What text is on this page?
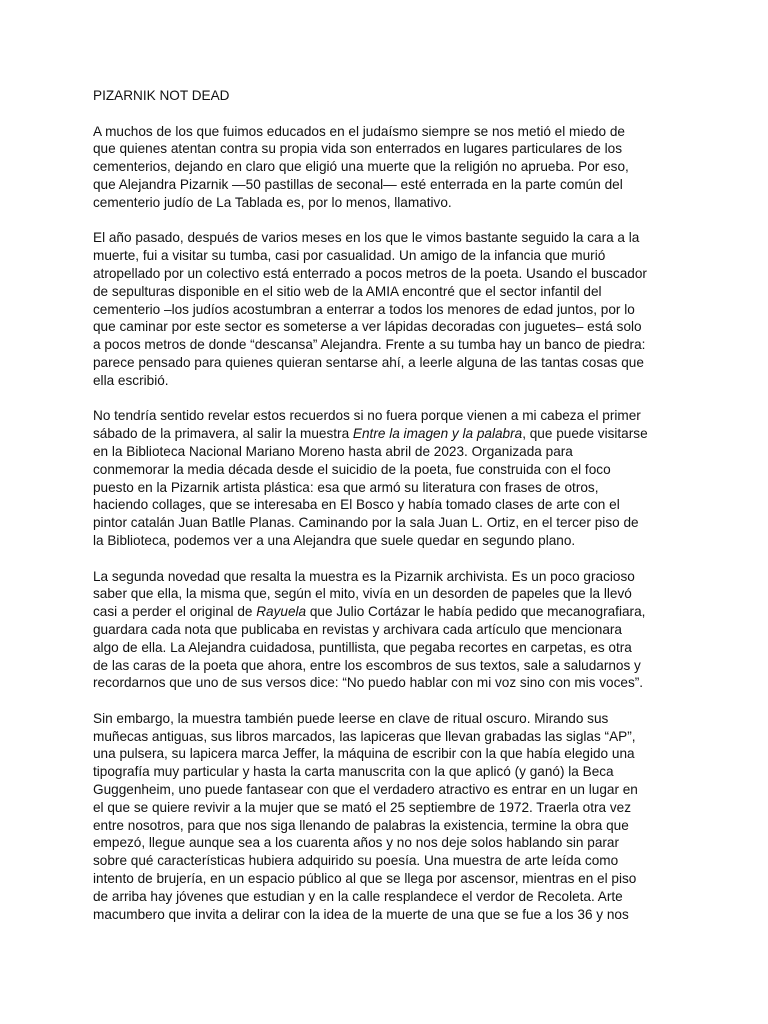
PIZARNIK NOT DEAD
A muchos de los que fuimos educados en el judaísmo siempre se nos metió el miedo de
que quienes atentan contra su propia vida son enterrados en lugares particulares de los
cementerios, dejando en claro que eligió una muerte que la religión no aprueba. Por eso,
que Alejandra Pizarnik —50 pastillas de seconal— esté enterrada en la parte común del
cementerio judío de La Tablada es, por lo menos, llamativo.
El año pasado, después de varios meses en los que le vimos bastante seguido la cara a la
muerte, fui a visitar su tumba, casi por casualidad. Un amigo de la infancia que murió
atropellado por un colectivo está enterrado a pocos metros de la poeta. Usando el buscador
de sepulturas disponible en el sitio web de la AMIA encontré que el sector infantil del
cementerio –los judíos acostumbran a enterrar a todos los menores de edad juntos, por lo
que caminar por este sector es someterse a ver lápidas decoradas con juguetes– está solo
a pocos metros de donde “descansa” Alejandra. Frente a su tumba hay un banco de piedra:
parece pensado para quienes quieran sentarse ahí, a leerle alguna de las tantas cosas que
ella escribió.
No tendría sentido revelar estos recuerdos si no fuera porque vienen a mi cabeza el primer
sábado de la primavera, al salir la muestra Entre la imagen y la palabra, que puede visitarse
en la Biblioteca Nacional Mariano Moreno hasta abril de 2023. Organizada para
conmemorar la media década desde el suicidio de la poeta, fue construida con el foco
puesto en la Pizarnik artista plástica: esa que armó su literatura con frases de otros,
haciendo collages, que se interesaba en El Bosco y había tomado clases de arte con el
pintor catalán Juan Batlle Planas. Caminando por la sala Juan L. Ortiz, en el tercer piso de
la Biblioteca, podemos ver a una Alejandra que suele quedar en segundo plano.
La segunda novedad que resalta la muestra es la Pizarnik archivista. Es un poco gracioso
saber que ella, la misma que, según el mito, vivía en un desorden de papeles que la llevó
casi a perder el original de Rayuela que Julio Cortázar le había pedido que mecanografiara,
guardara cada nota que publicaba en revistas y archivara cada artículo que mencionara
algo de ella. La Alejandra cuidadosa, puntillista, que pegaba recortes en carpetas, es otra
de las caras de la poeta que ahora, entre los escombros de sus textos, sale a saludarnos y
recordarnos que uno de sus versos dice: “No puedo hablar con mi voz sino con mis voces”.
Sin embargo, la muestra también puede leerse en clave de ritual oscuro. Mirando sus
muñecas antiguas, sus libros marcados, las lapiceras que llevan grabadas las siglas “AP”,
una pulsera, su lapicera marca Jeffer, la máquina de escribir con la que había elegido una
tipografía muy particular y hasta la carta manuscrita con la que aplicó (y ganó) la Beca
Guggenheim, uno puede fantasear con que el verdadero atractivo es entrar en un lugar en
el que se quiere revivir a la mujer que se mató el 25 septiembre de 1972. Traerla otra vez
entre nosotros, para que nos siga llenando de palabras la existencia, termine la obra que
empezó, llegue aunque sea a los cuarenta años y no nos deje solos hablando sin parar
sobre qué características hubiera adquirido su poesía. Una muestra de arte leída como
intento de brujería, en un espacio público al que se llega por ascensor, mientras en el piso
de arriba hay jóvenes que estudian y en la calle resplandece el verdor de Recoleta. Arte
macumbero que invita a delirar con la idea de la muerte de una que se fue a los 36 y nos
